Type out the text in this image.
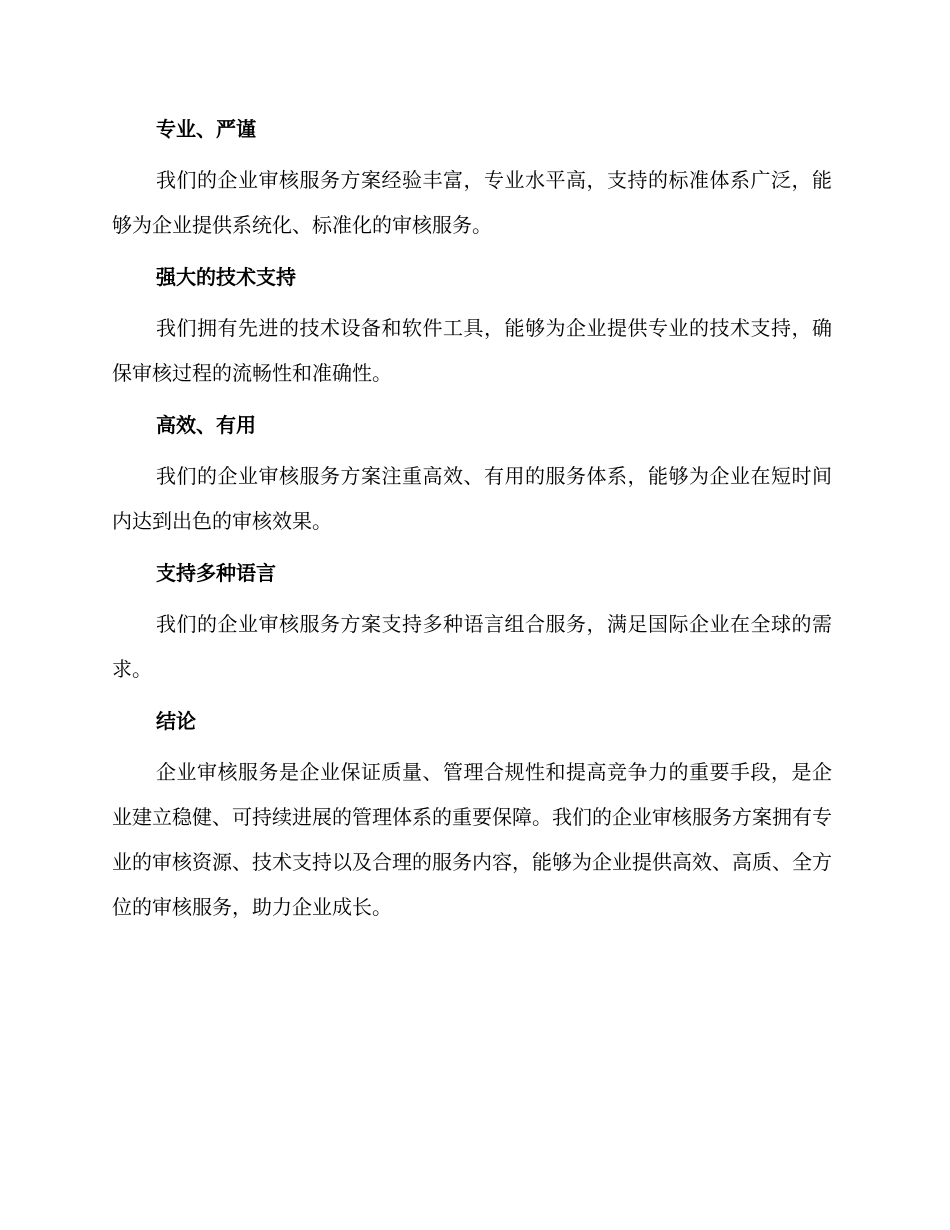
专业、严谨

我们的企业审核服务方案经验丰富，专业水平高，支持的标准体系广泛，能够为企业提供系统化、标准化的审核服务。

强大的技术支持

我们拥有先进的技术设备和软件工具，能够为企业提供专业的技术支持，确保审核过程的流畅性和准确性。

高效、有用

我们的企业审核服务方案注重高效、有用的服务体系，能够为企业在短时间内达到出色的审核效果。

支持多种语言

我们的企业审核服务方案支持多种语言组合服务，满足国际企业在全球的需求。

结论

企业审核服务是企业保证质量、管理合规性和提高竞争力的重要手段，是企业建立稳健、可持续进展的管理体系的重要保障。我们的企业审核服务方案拥有专业的审核资源、技术支持以及合理的服务内容，能够为企业提供高效、高质、全方位的审核服务，助力企业成长。
